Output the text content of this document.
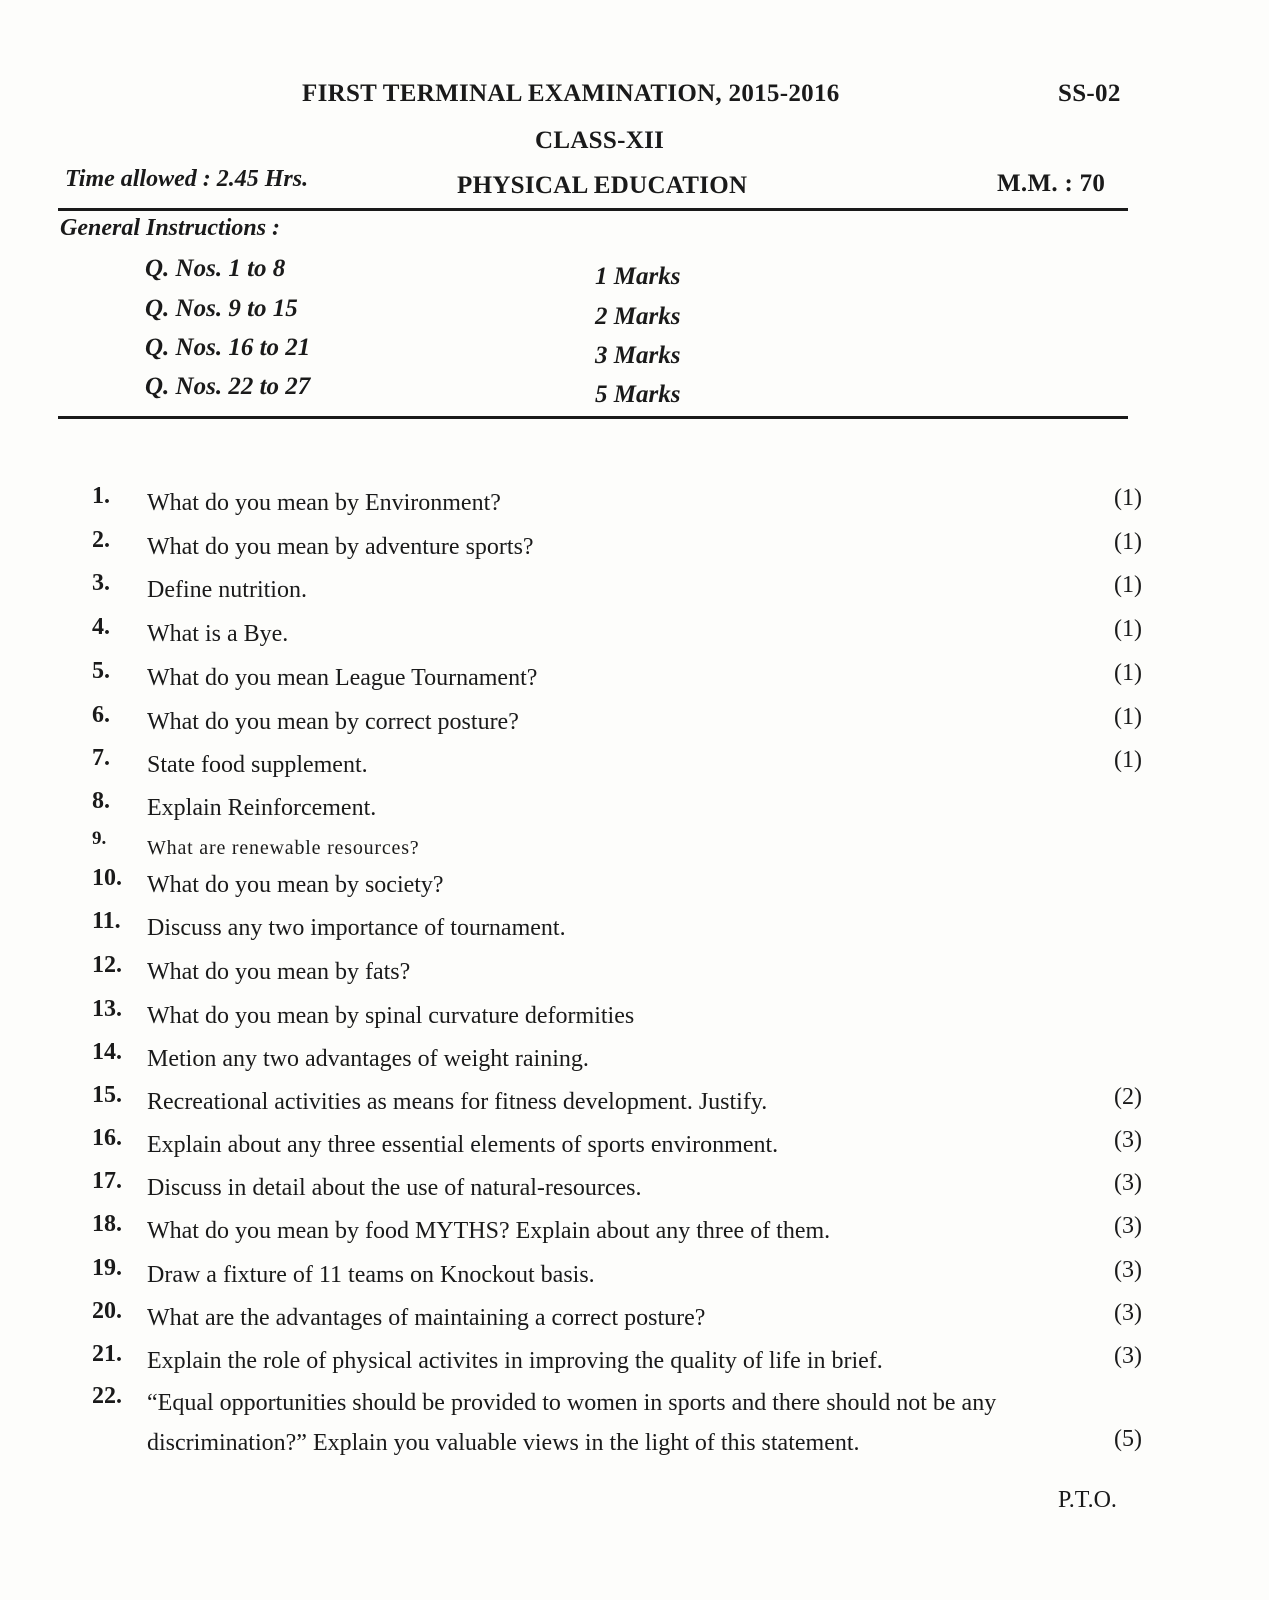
FIRST TERMINAL EXAMINATION, 2015-2016	SS-02
CLASS-XII
Time allowed : 2.45 Hrs.	PHYSICAL EDUCATION	M.M. : 70
General Instructions :
Q. Nos. 1 to 8	1 Marks
Q. Nos. 9 to 15	2 Marks
Q. Nos. 16 to 21	3 Marks
Q. Nos. 22 to 27	5 Marks
1. What do you mean by Environment?	(1)
2. What do you mean by adventure sports?	(1)
3. Define nutrition.	(1)
4. What is a Bye.	(1)
5. What do you mean League Tournament?	(1)
6. What do you mean by correct posture?	(1)
7. State food supplement.	(1)
8. Explain Reinforcement.
9. What are renewable resources?
10. What do you mean by society?
11. Discuss any two importance of tournament.
12. What do you mean by fats?
13. What do you mean by spinal curvature deformities
14. Metion any two advantages of weight raining.
15. Recreational activities as means for fitness development. Justify.	(2)
16. Explain about any three essential elements of sports environment.	(3)
17. Discuss in detail about the use of natural-resources.	(3)
18. What do you mean by food MYTHS? Explain about any three of them.	(3)
19. Draw a fixture of 11 teams on Knockout basis.	(3)
20. What are the advantages of maintaining a correct posture?	(3)
21. Explain the role of physical activites in improving the quality of life in brief.	(3)
22. “Equal opportunities should be provided to women in sports and there should not be any discrimination?” Explain you valuable views in the light of this statement.	(5)
P.T.O.
